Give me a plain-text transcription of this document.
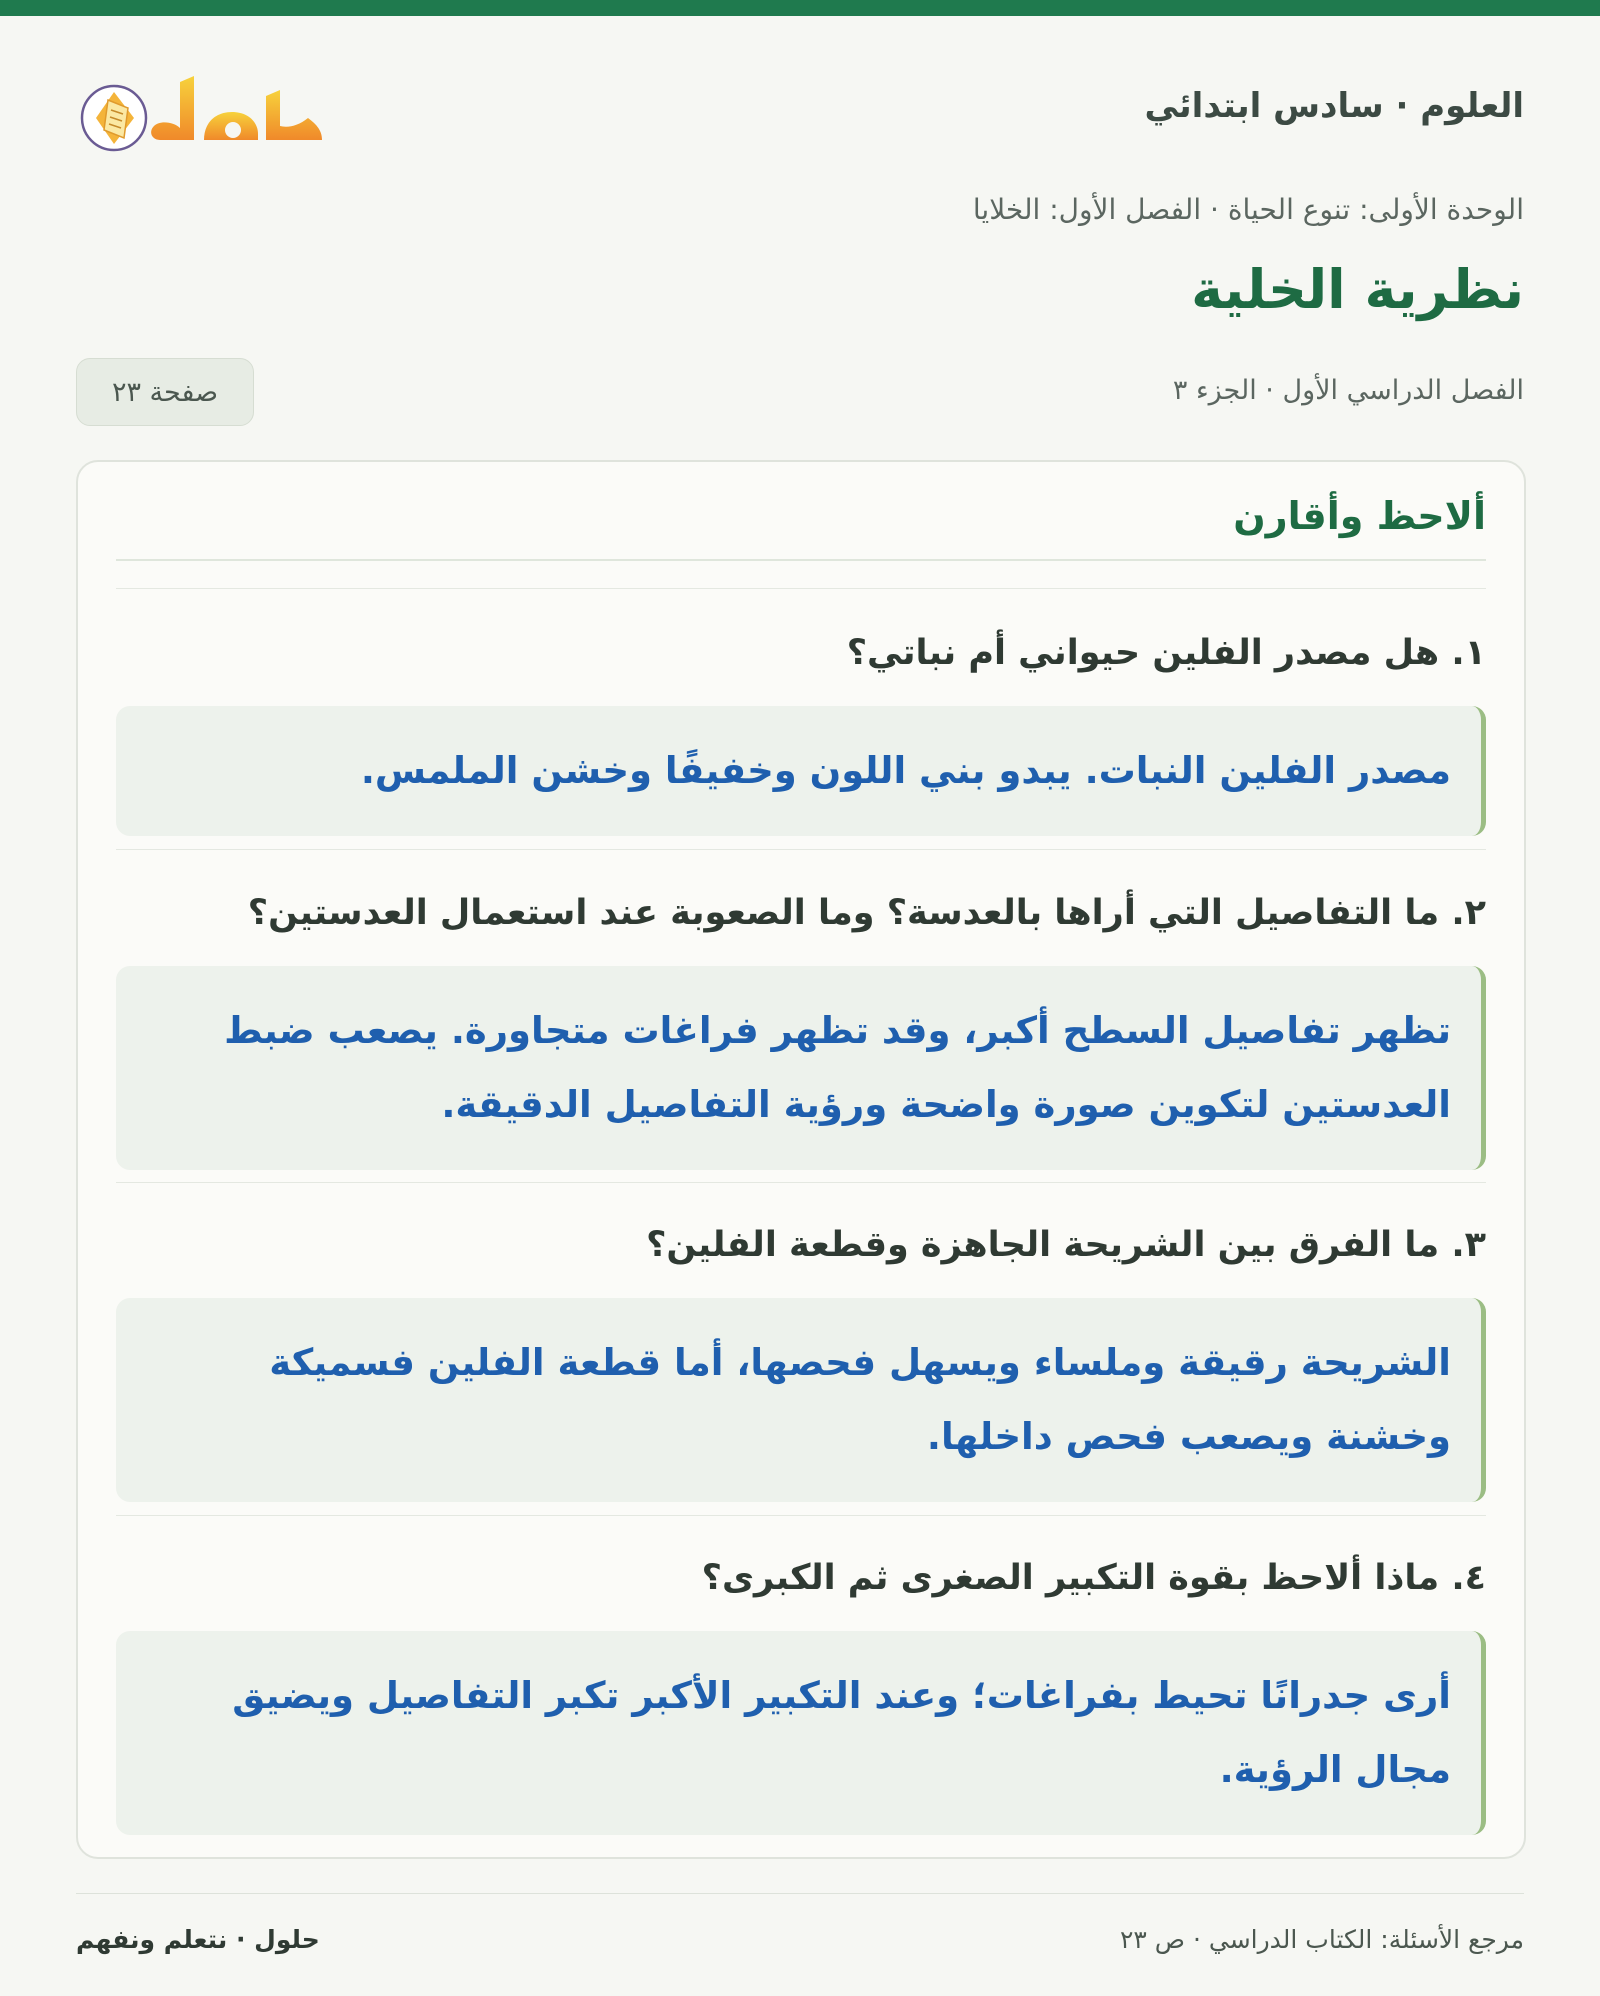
العلوم · سادس ابتدائي
الوحدة الأولى: تنوع الحياة · الفصل الأول: الخلايا
نظرية الخلية
الفصل الدراسي الأول · الجزء ٣
صفحة ٢٣
ألاحظ وأقارن
١. هل مصدر الفلين حيواني أم نباتي؟
مصدر الفلين النبات. يبدو بني اللون وخفيفًا وخشن الملمس.
٢. ما التفاصيل التي أراها بالعدسة؟ وما الصعوبة عند استعمال العدستين؟
تظهر تفاصيل السطح أكبر، وقد تظهر فراغات متجاورة. يصعب ضبط العدستين لتكوين صورة واضحة ورؤية التفاصيل الدقيقة.
٣. ما الفرق بين الشريحة الجاهزة وقطعة الفلين؟
الشريحة رقيقة وملساء ويسهل فحصها، أما قطعة الفلين فسميكة وخشنة ويصعب فحص داخلها.
٤. ماذا ألاحظ بقوة التكبير الصغرى ثم الكبرى؟
أرى جدرانًا تحيط بفراغات؛ وعند التكبير الأكبر تكبر التفاصيل ويضيق مجال الرؤية.
حلول · نتعلم ونفهم	مرجع الأسئلة: الكتاب الدراسي · ص ٢٣
